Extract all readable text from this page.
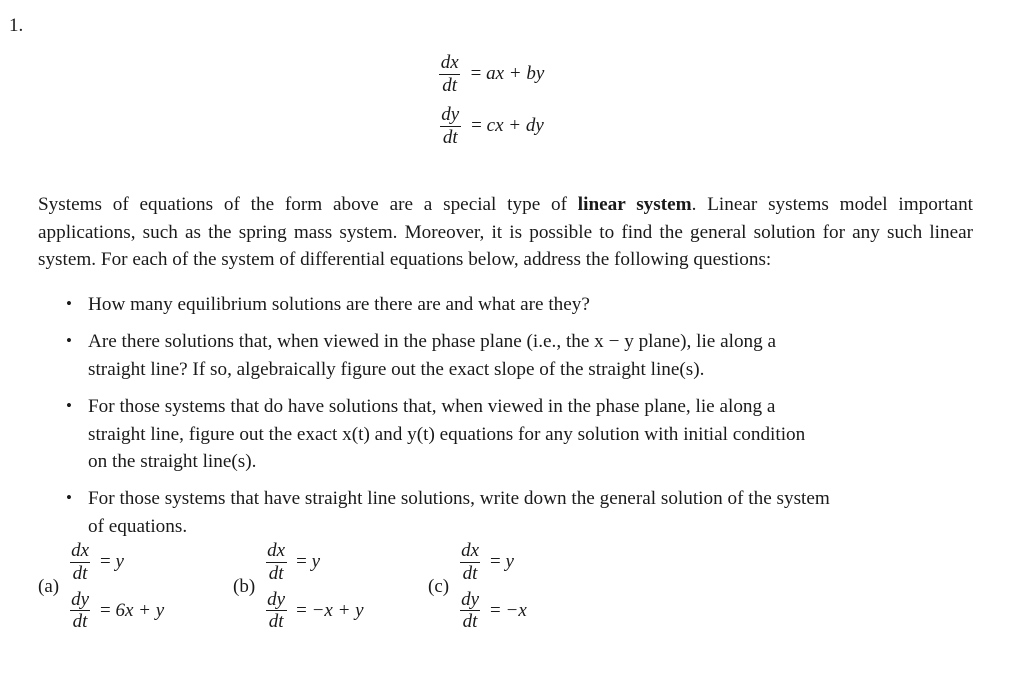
1.
$\frac{dx}{dt}$ = ax + by
$\frac{dy}{dt}$ = cx + dy

Systems of equations of the form above are a special type of linear system. Linear systems model important applications, such as the spring mass system. Moreover, it is possible to find the general solution for any such linear system. For each of the system of differential equations below, address the following questions:

• How many equilibrium solutions are there are and what are they?
• Are there solutions that, when viewed in the phase plane (i.e., the x − y plane), lie along a
straight line? If so, algebraically figure out the exact slope of the straight line(s).
• For those systems that do have solutions that, when viewed in the phase plane, lie along a
straight line, figure out the exact x(t) and y(t) equations for any solution with initial condition
on the straight line(s).
• For those systems that have straight line solutions, write down the general solution of the system
of equations.
(a)
$\frac{dx}{dt} = y$
$\frac{dy}{dt} = 6x + y$
(b)
$\frac{dx}{dt} = y$
$\frac{dy}{dt} = -x + y$
(c)
$\frac{dx}{dt} = y$
$\frac{dy}{dt} = -x$
